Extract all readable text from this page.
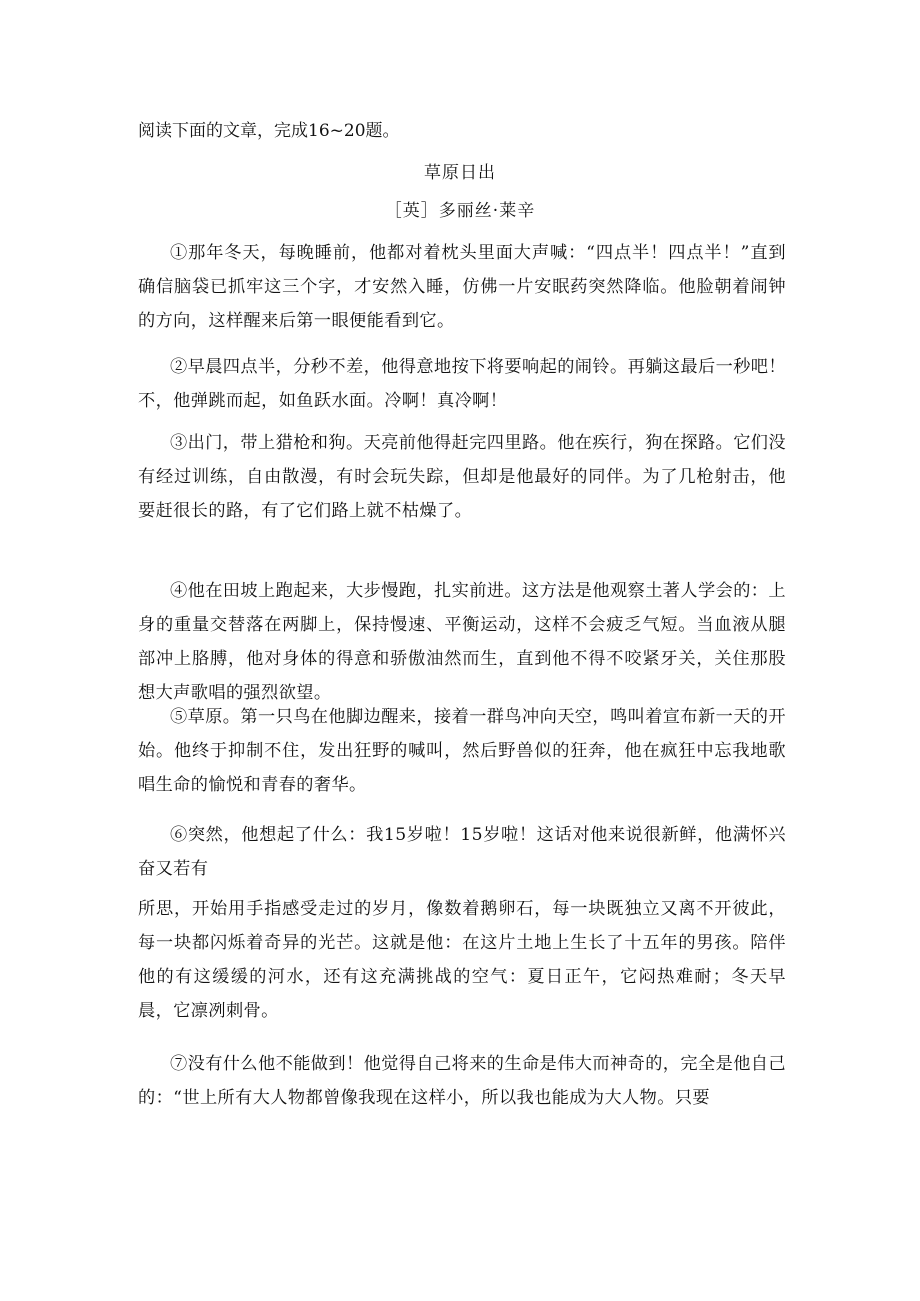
阅读下面的文章，完成16~20题。
草原日出
［英］多丽丝·莱辛
①那年冬天，每晚睡前，他都对着枕头里面大声喊：“四点半！四点半！”直到确信脑袋已抓牢这三个字，才安然入睡，仿佛一片安眠药突然降临。他脸朝着闹钟的方向，这样醒来后第一眼便能看到它。
②早晨四点半，分秒不差，他得意地按下将要响起的闹铃。再躺这最后一秒吧！不，他弹跳而起，如鱼跃水面。冷啊！真冷啊！
③出门，带上猎枪和狗。天亮前他得赶完四里路。他在疾行，狗在探路。它们没有经过训练，自由散漫，有时会玩失踪，但却是他最好的同伴。为了几枪射击，他要赶很长的路，有了它们路上就不枯燥了。
④他在田坡上跑起来，大步慢跑，扎实前进。这方法是他观察土著人学会的：上身的重量交替落在两脚上，保持慢速、平衡运动，这样不会疲乏气短。当血液从腿部冲上胳膊，他对身体的得意和骄傲油然而生，直到他不得不咬紧牙关，关住那股想大声歌唱的强烈欲望。
⑤草原。第一只鸟在他脚边醒来，接着一群鸟冲向天空，鸣叫着宣布新一天的开始。他终于抑制不住，发出狂野的喊叫，然后野兽似的狂奔，他在疯狂中忘我地歌唱生命的愉悦和青春的奢华。
⑥突然，他想起了什么：我15岁啦！15岁啦！这话对他来说很新鲜，他满怀兴奋又若有
所思，开始用手指感受走过的岁月，像数着鹅卵石，每一块既独立又离不开彼此，每一块都闪烁着奇异的光芒。这就是他：在这片土地上生长了十五年的男孩。陪伴他的有这缓缓的河水，还有这充满挑战的空气：夏日正午，它闷热难耐；冬天早晨，它凛冽刺骨。
⑦没有什么他不能做到！他觉得自己将来的生命是伟大而神奇的，完全是他自己的：“世上所有大人物都曾像我现在这样小，所以我也能成为大人物。只要
